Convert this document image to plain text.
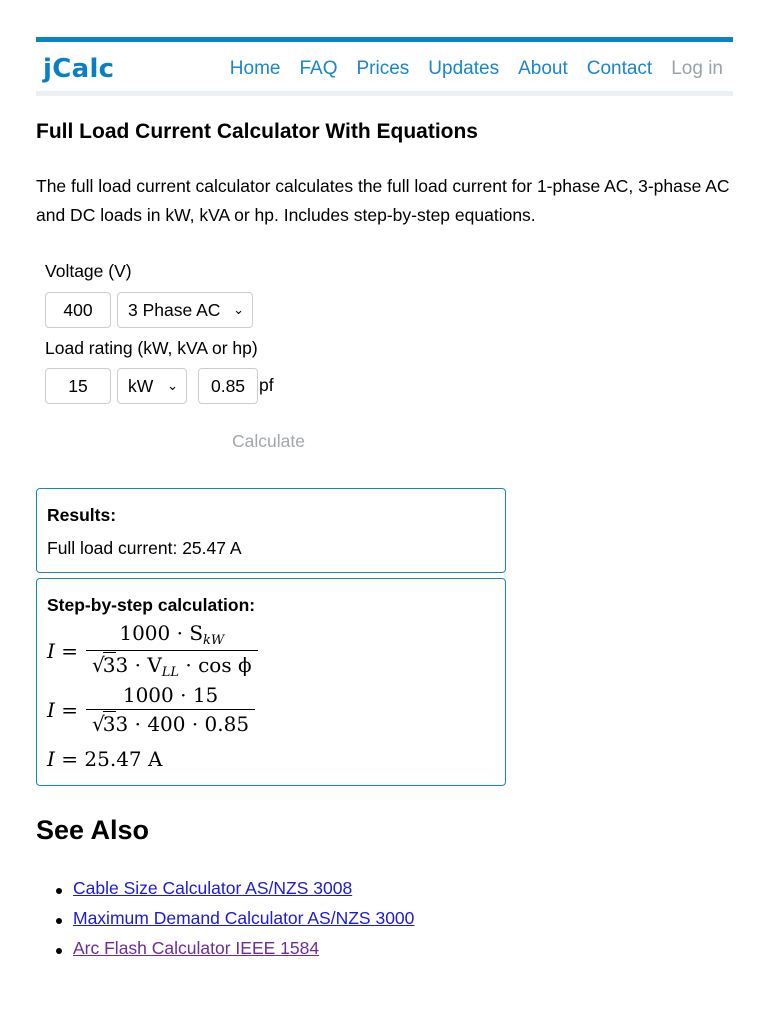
jCalc	Home FAQ Prices Updates About Contact Log in
Full Load Current Calculator With Equations

The full load current calculator calculates the full load current for 1-phase AC, 3-phase AC and DC loads in kW, kVA or hp. Includes step-by-step equations.

Voltage (V)
400	3 Phase AC ⌄
Load rating (kW, kVA or hp)
15	kW ⌄	0.85 pf
Calculate
Results:
Full load current: 25.47 A
Step-by-step calculation:
$I = \frac{1000 \cdot S_{kW}}{√33 \cdot V_{LL} \cdot \cos \phi}$
$I = \frac{1000 \cdot 15}{√33 \cdot 400 \cdot 0.85}$
I = 25.47 A
See Also
Cable Size Calculator AS/NZS 3008
Maximum Demand Calculator AS/NZS 3000
Arc Flash Calculator IEEE 1584
